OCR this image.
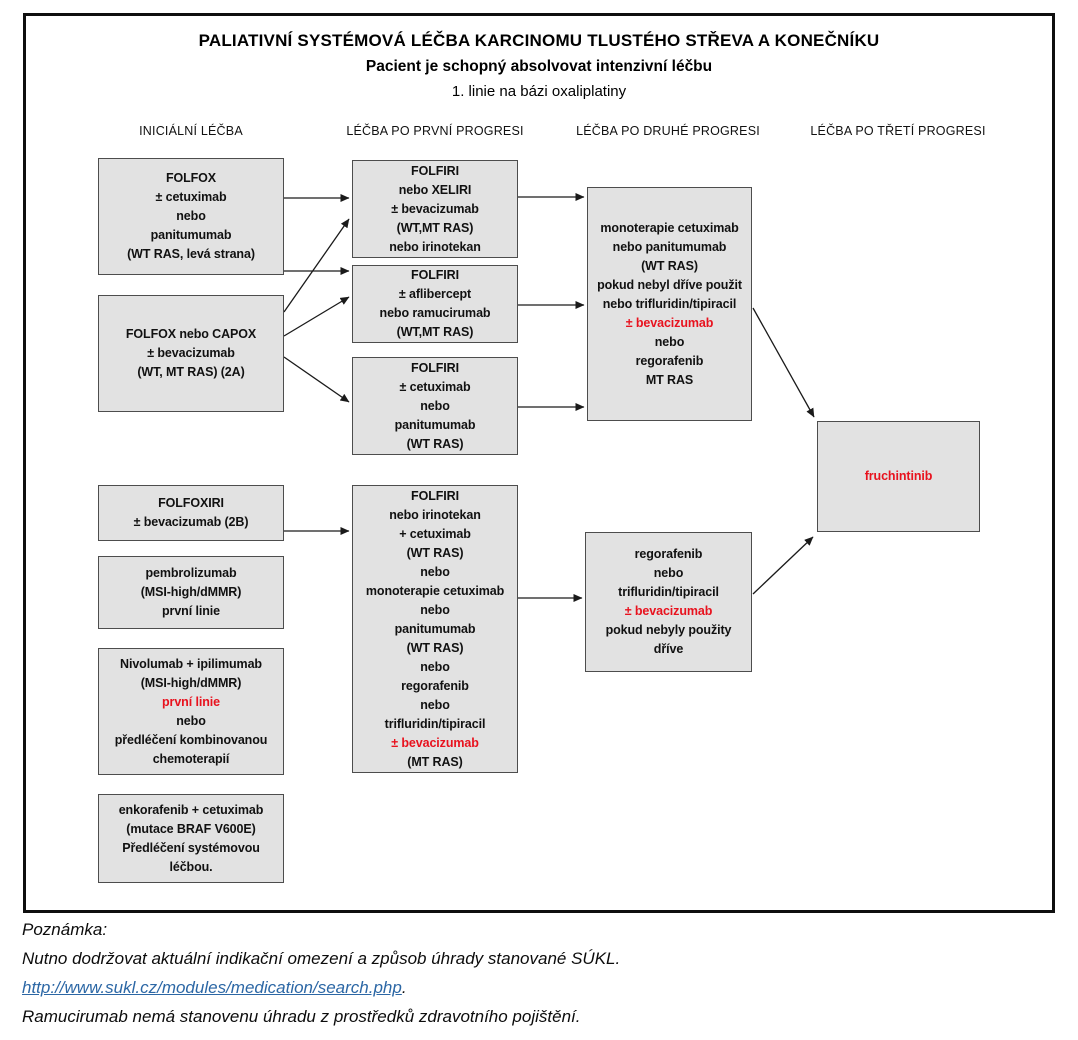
PALIATIVNÍ SYSTÉMOVÁ LÉČBA KARCINOMU TLUSTÉHO STŘEVA A KONEČNÍKU
Pacient je schopný absolvovat intenzivní léčbu
1. linie na bázi oxaliplatiny
INICIÁLNÍ LÉČBA	LÉČBA PO PRVNÍ PROGRESI	LÉČBA PO DRUHÉ PROGRESI	LÉČBA PO TŘETÍ PROGRESI
FOLFOX
± cetuximab
nebo
panitumumab
(WT RAS, levá strana)
FOLFOX nebo CAPOX
± bevacizumab
(WT, MT RAS) (2A)
FOLFOXIRI
± bevacizumab (2B)
pembrolizumab
(MSI-high/dMMR)
první linie
Nivolumab + ipilimumab
(MSI-high/dMMR)
první linie
nebo
předléčení kombinovanou
chemoterapií
enkorafenib + cetuximab
(mutace BRAF V600E)
Předléčení systémovou
léčbou.
FOLFIRI
nebo XELIRI
± bevacizumab
(WT,MT RAS)
nebo irinotekan
FOLFIRI
± aflibercept
nebo ramucirumab
(WT,MT RAS)
FOLFIRI
± cetuximab
nebo
panitumumab
(WT RAS)
FOLFIRI
nebo irinotekan
+ cetuximab
(WT RAS)
nebo
monoterapie cetuximab
nebo
panitumumab
(WT RAS)
nebo
regorafenib
nebo
trifluridin/tipiracil
± bevacizumab
(MT RAS)
monoterapie cetuximab
nebo panitumumab
(WT RAS)
pokud nebyl dříve použit
nebo trifluridin/tipiracil
± bevacizumab
nebo
regorafenib
MT RAS
regorafenib
nebo
trifluridin/tipiracil
± bevacizumab
pokud nebyly použity
dříve
fruchintinib
Poznámka:
Nutno dodržovat aktuální indikační omezení a způsob úhrady stanované SÚKL.
http://www.sukl.cz/modules/medication/search.php.
Ramucirumab nemá stanovenu úhradu z prostředků zdravotního pojištění.
